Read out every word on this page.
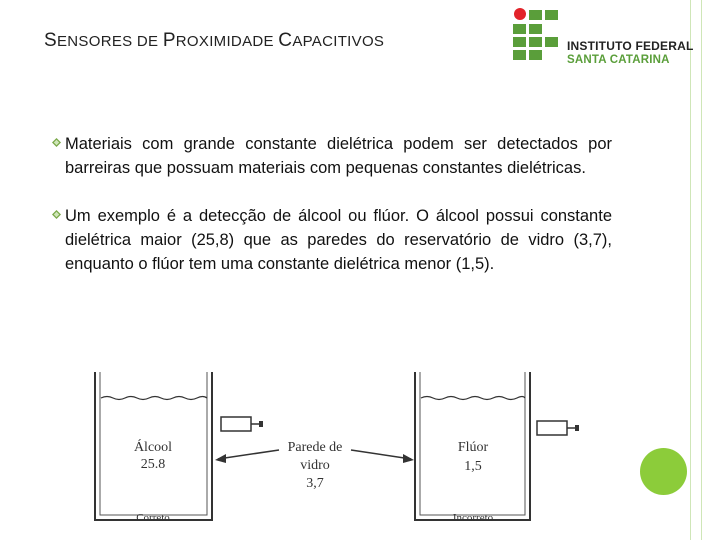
SENSORES DE PROXIMIDADE CAPACITIVOS	INSTITUTO FEDERAL
SANTA CATARINA
Materiais com grande constante dielétrica podem ser detectados por barreiras que possuam materiais com pequenas constantes dielétricas.
Um exemplo é a detecção de álcool ou flúor. O álcool possui constante dielétrica maior (25,8) que as paredes do reservatório de vidro (3,7), enquanto o flúor tem uma constante dielétrica menor (1,5).
Álcool
25.8
Correto
Parede de
vidro
3,7
Flúor
1,5
Incorreto
